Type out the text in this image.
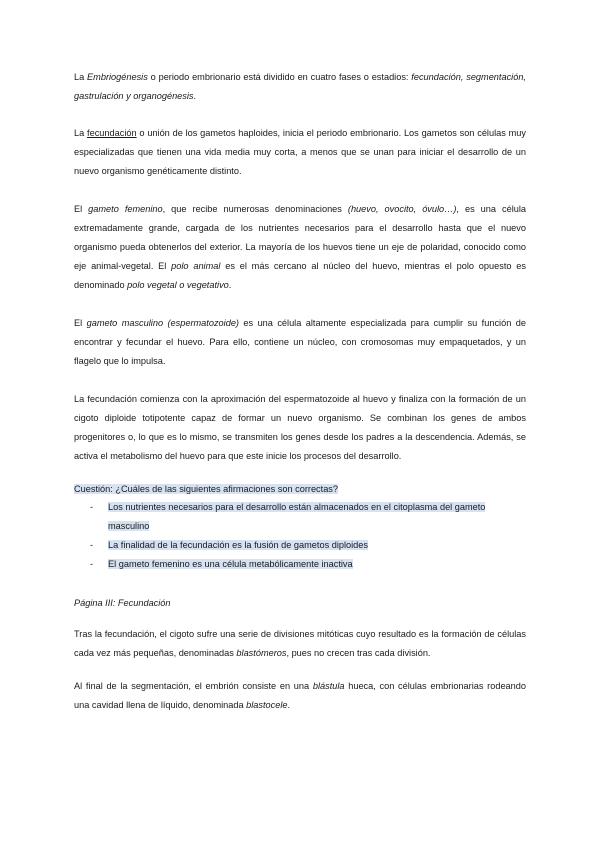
La Embriogénesis o periodo embrionario está dividido en cuatro fases o estadios: fecundación, segmentación, gastrulación y organogénesis.

La fecundación o unión de los gametos haploides, inicia el periodo embrionario. Los gametos son células muy especializadas que tienen una vida media muy corta, a menos que se unan para iniciar el desarrollo de un nuevo organismo genéticamente distinto.

El gameto femenino, que recibe numerosas denominaciones (huevo, ovocito, óvulo…), es una célula extremadamente grande, cargada de los nutrientes necesarios para el desarrollo hasta que el nuevo organismo pueda obtenerlos del exterior. La mayoría de los huevos tiene un eje de polaridad, conocido como eje animal-vegetal. El polo animal es el más cercano al núcleo del huevo, mientras el polo opuesto es denominado polo vegetal o vegetativo.

El gameto masculino (espermatozoide) es una célula altamente especializada para cumplir su función de encontrar y fecundar el huevo. Para ello, contiene un núcleo, con cromosomas muy empaquetados, y un flagelo que lo impulsa.

La fecundación comienza con la aproximación del espermatozoide al huevo y finaliza con la formación de un cigoto diploide totipotente capaz de formar un nuevo organismo. Se combinan los genes de ambos progenitores o, lo que es lo mismo, se transmiten los genes desde los padres a la descendencia. Además, se activa el metabolismo del huevo para que este inicie los procesos del desarrollo.

Cuestión: ¿Cuáles de las siguientes afirmaciones son correctas?
- Los nutrientes necesarios para el desarrollo están almacenados en el citoplasma del gameto masculino
- La finalidad de la fecundación es la fusión de gametos diploides
- El gameto femenino es una célula metabólicamente inactiva
Página III: Fecundación

Tras la fecundación, el cigoto sufre una serie de divisiones mitóticas cuyo resultado es la formación de células cada vez más pequeñas, denominadas blastómeros, pues no crecen tras cada división.

Al final de la segmentación, el embrión consiste en una blástula hueca, con células embrionarias rodeando una cavidad llena de líquido, denominada blastocele.
